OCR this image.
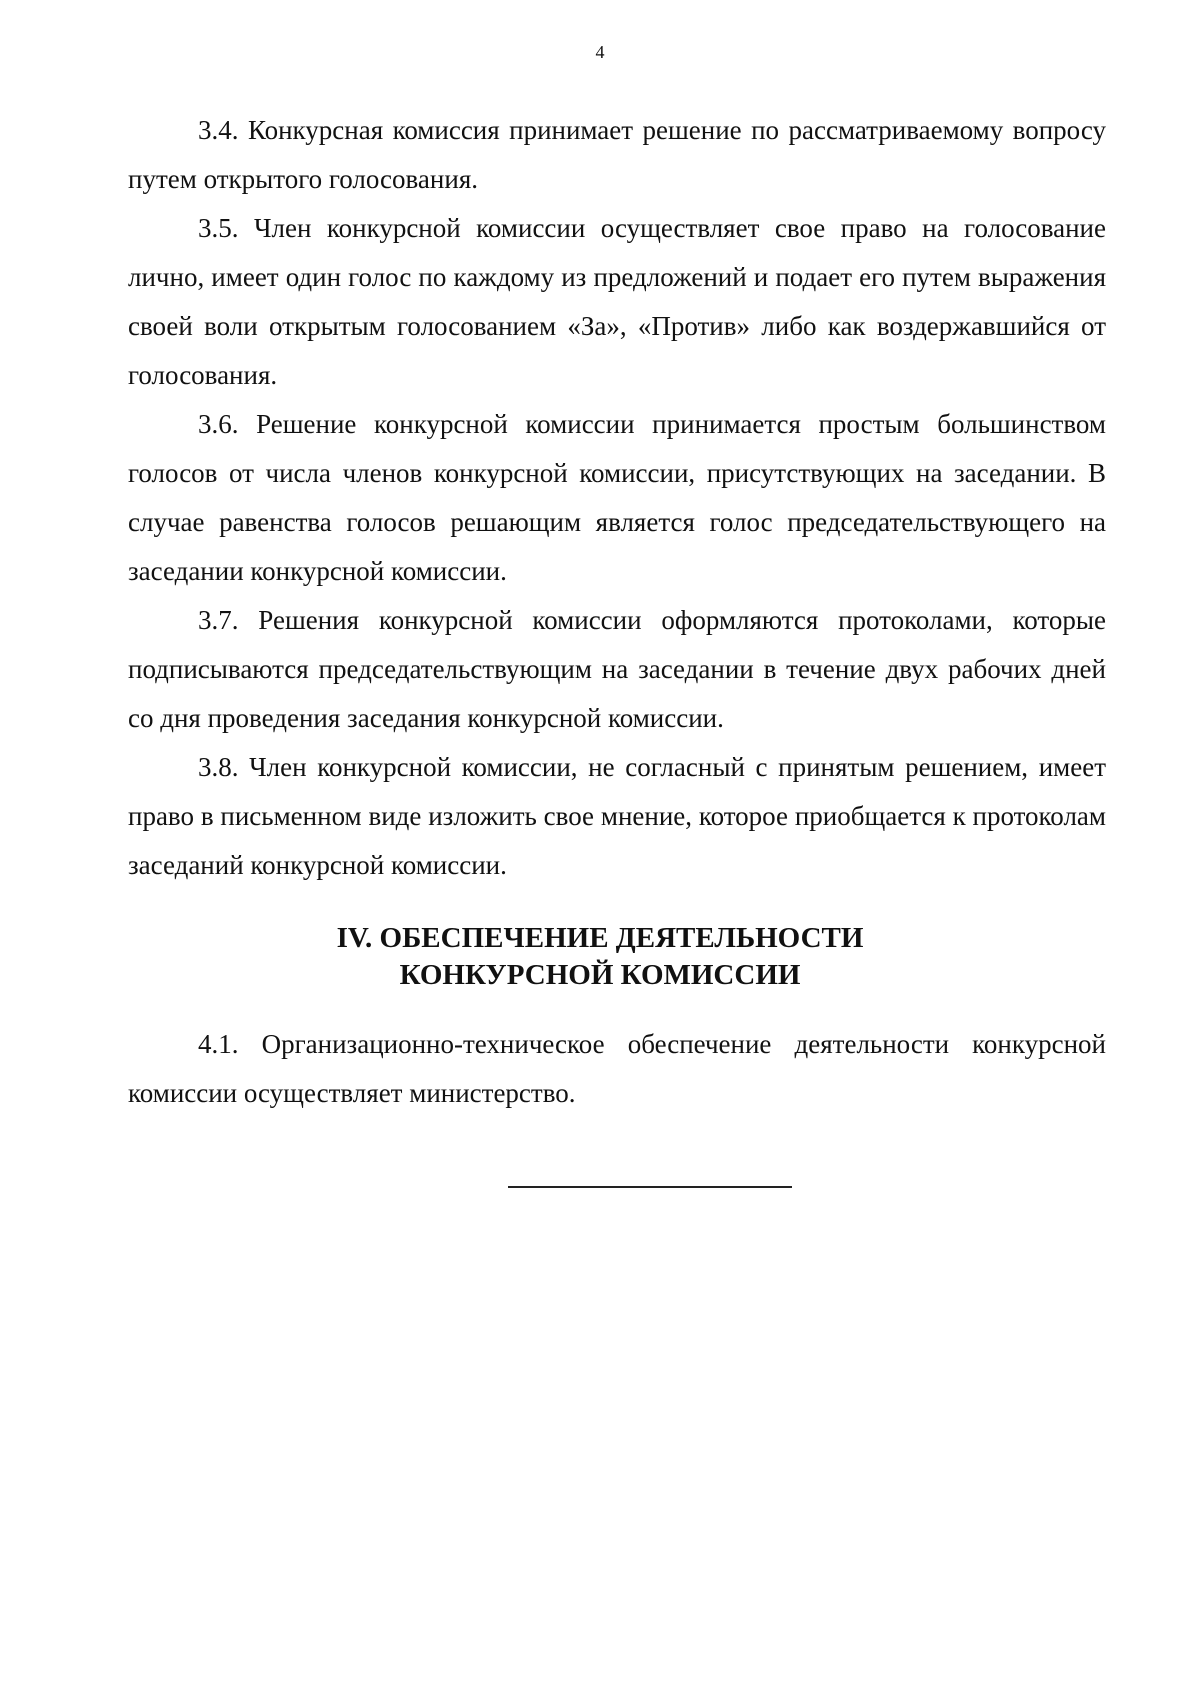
4

3.4. Конкурсная комиссия принимает решение по рассматриваемому вопросу путем открытого голосования.

3.5. Член конкурсной комиссии осуществляет свое право на голосование лично, имеет один голос по каждому из предложений и подает его путем выражения своей воли открытым голосованием «За», «Против» либо как воздержавшийся от голосования.

3.6. Решение конкурсной комиссии принимается простым большинством голосов от числа членов конкурсной комиссии, присутствующих на заседании. В случае равенства голосов решающим является голос председательствующего на заседании конкурсной комиссии.

3.7. Решения конкурсной комиссии оформляются протоколами, которые подписываются председательствующим на заседании в течение двух рабочих дней со дня проведения заседания конкурсной комиссии.

3.8. Член конкурсной комиссии, не согласный с принятым решением, имеет право в письменном виде изложить свое мнение, которое приобщается к протоколам заседаний конкурсной комиссии.

IV. ОБЕСПЕЧЕНИЕ ДЕЯТЕЛЬНОСТИ
КОНКУРСНОЙ КОМИССИИ

4.1. Организационно-техническое обеспечение деятельности конкурсной комиссии осуществляет министерство.
